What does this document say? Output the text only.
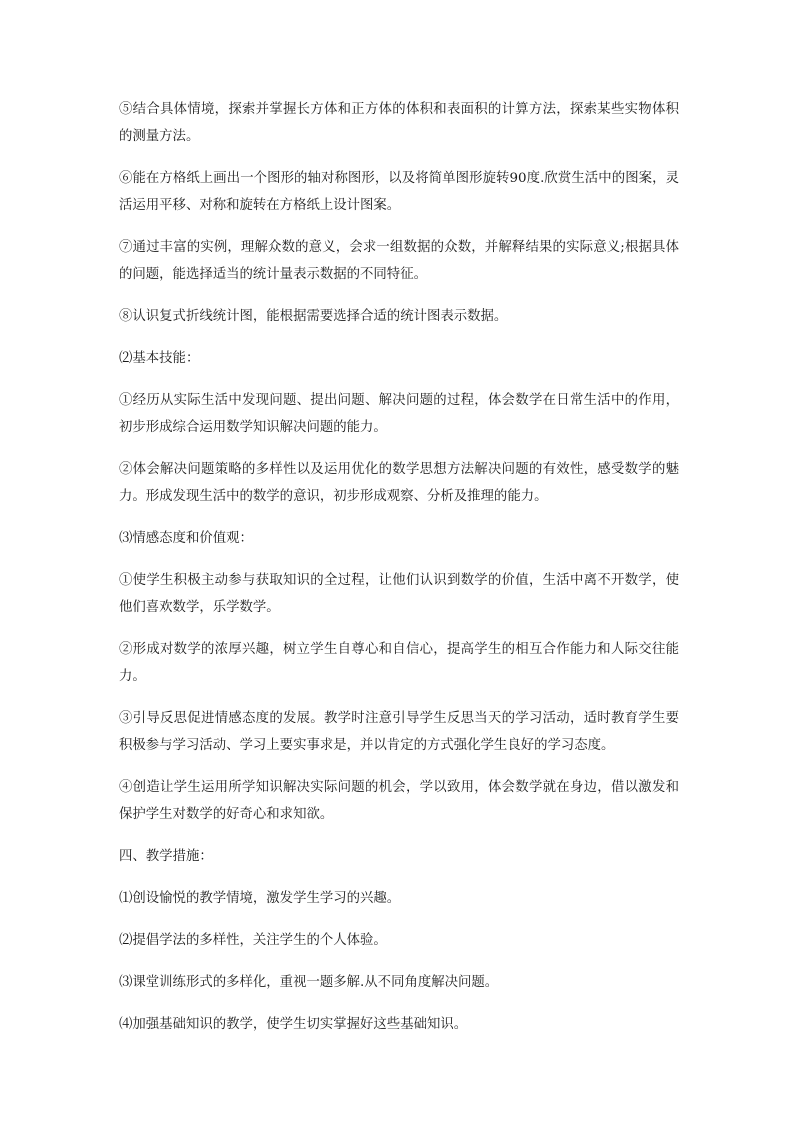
⑤结合具体情境，探索并掌握长方体和正方体的体积和表面积的计算方法，探索某些实物体积的测量方法。

⑥能在方格纸上画出一个图形的轴对称图形，以及将简单图形旋转90度.欣赏生活中的图案，灵活运用平移、对称和旋转在方格纸上设计图案。

⑦通过丰富的实例，理解众数的意义，会求一组数据的众数，并解释结果的实际意义;根据具体的问题，能选择适当的统计量表示数据的不同特征。

⑧认识复式折线统计图，能根据需要选择合适的统计图表示数据。

⑵基本技能：

①经历从实际生活中发现问题、提出问题、解决问题的过程，体会数学在日常生活中的作用，初步形成综合运用数学知识解决问题的能力。

②体会解决问题策略的多样性以及运用优化的数学思想方法解决问题的有效性，感受数学的魅力。形成发现生活中的数学的意识，初步形成观察、分析及推理的能力。

⑶情感态度和价值观：

①使学生积极主动参与获取知识的全过程，让他们认识到数学的价值，生活中离不开数学，使他们喜欢数学，乐学数学。

②形成对数学的浓厚兴趣，树立学生自尊心和自信心，提高学生的相互合作能力和人际交往能力。

③引导反思促进情感态度的发展。教学时注意引导学生反思当天的学习活动，适时教育学生要积极参与学习活动、学习上要实事求是，并以肯定的方式强化学生良好的学习态度。

④创造让学生运用所学知识解决实际问题的机会，学以致用，体会数学就在身边，借以激发和保护学生对数学的好奇心和求知欲。

四、教学措施：

⑴创设愉悦的教学情境，激发学生学习的兴趣。

⑵提倡学法的多样性，关注学生的个人体验。

⑶课堂训练形式的多样化，重视一题多解.从不同角度解决问题。

⑷加强基础知识的教学，使学生切实掌握好这些基础知识。
